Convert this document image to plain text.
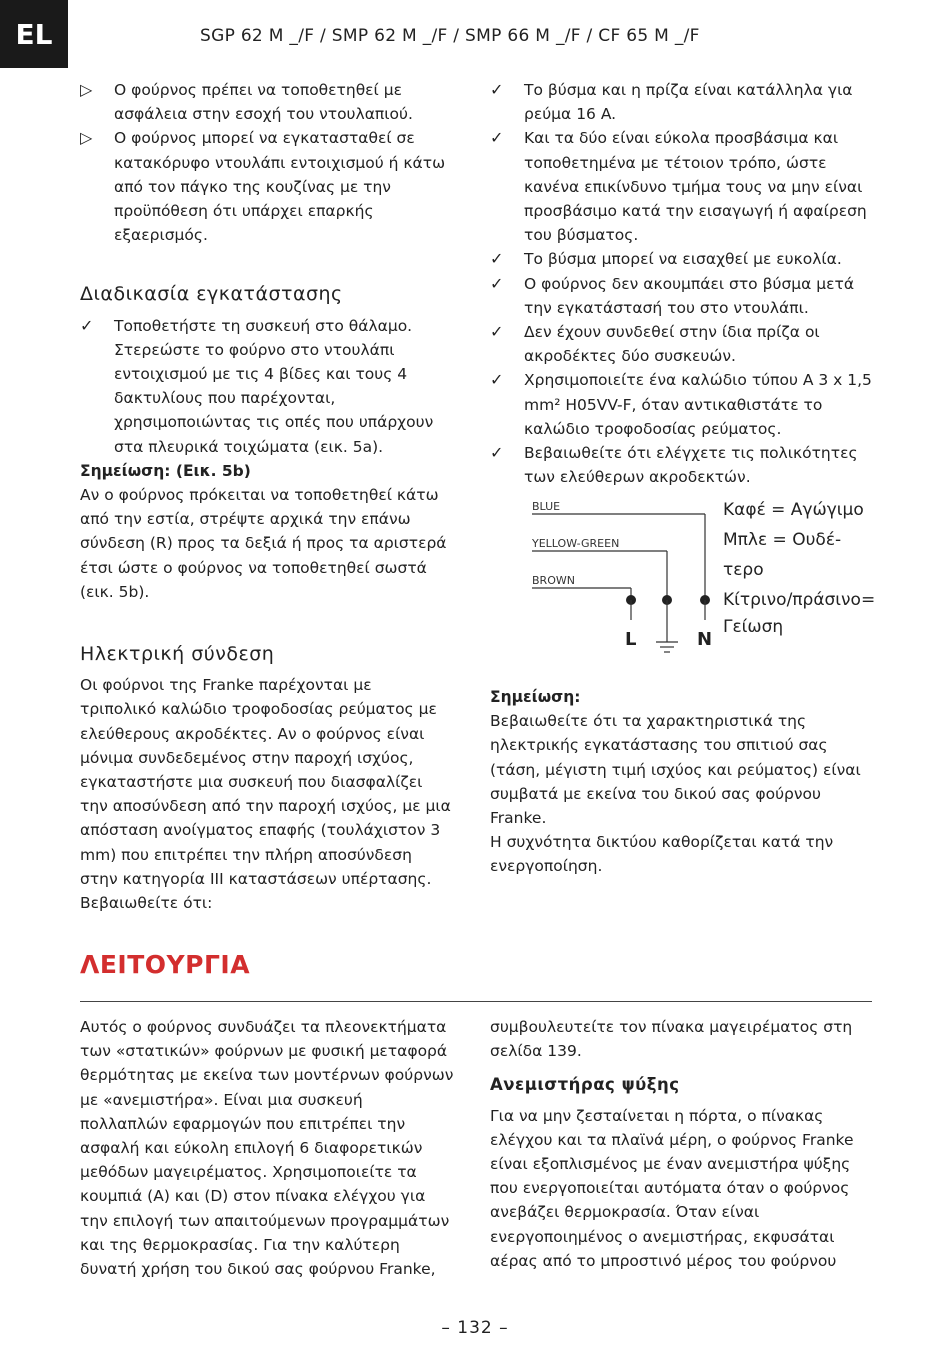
EL	SGP 62 M _/F / SMP 62 M _/F / SMP 66 M _/F / CF 65 M _/F
▷	Ο φούρνος πρέπει να τοποθετηθεί με ασφάλεια στην εσοχή του ντουλαπιού.
▷	Ο φούρνος μπορεί να εγκατασταθεί σε κατακόρυφο ντουλάπι εντοιχισμού ή κάτω από τον πάγκο της κουζίνας με την προϋπόθεση ότι υπάρχει επαρκής εξαερισμός.
Διαδικασία εγκατάστασης
✓	Τοποθετήστε τη συσκευή στο θάλαμο. Στερεώστε το φούρνο στο ντουλάπι εντοιχισμού με τις 4 βίδες και τους 4 δακτυλίους που παρέχονται, χρησιμοποιώντας τις οπές που υπάρχουν στα πλευρικά τοιχώματα (εικ. 5a).
Σημείωση: (Εικ. 5b)

Αν ο φούρνος πρόκειται να τοποθετηθεί κάτω από την εστία, στρέψτε αρχικά την επάνω σύνδεση (R) προς τα δεξιά ή προς τα αριστερά έτσι ώστε ο φούρνος να τοποθετηθεί σωστά (εικ. 5b).

Ηλεκτρική σύνδεση

Οι φούρνοι της Franke παρέχονται με τριπολικό καλώδιο τροφοδοσίας ρεύματος με ελεύθερους ακροδέκτες. Αν ο φούρνος είναι μόνιμα συνδεδεμένος στην παροχή ισχύος, εγκαταστήστε μια συσκευή που διασφαλίζει την αποσύνδεση από την παροχή ισχύος, με μια απόσταση ανοίγματος επαφής (τουλάχιστον 3 mm) που επιτρέπει την πλήρη αποσύνδεση στην κατηγορία III καταστάσεων υπέρτασης. Βεβαιωθείτε ότι:

✓	Το βύσμα και η πρίζα είναι κατάλληλα για ρεύμα 16 A.
✓	Και τα δύο είναι εύκολα προσβάσιμα και τοποθετημένα με τέτοιον τρόπο, ώστε κανένα επικίνδυνο τμήμα τους να μην είναι προσβάσιμο κατά την εισαγωγή ή αφαίρεση του βύσματος.
✓	Το βύσμα μπορεί να εισαχθεί με ευκολία.
✓	Ο φούρνος δεν ακουμπάει στο βύσμα μετά την εγκατάστασή του στο ντουλάπι.
✓	Δεν έχουν συνδεθεί στην ίδια πρίζα οι ακροδέκτες δύο συσκευών.
✓	Χρησιμοποιείτε ένα καλώδιο τύπου A 3 x 1,5 mm² H05VV-F, όταν αντικαθιστάτε το καλώδιο τροφοδοσίας ρεύματος.
✓	Βεβαιωθείτε ότι ελέγχετε τις πολικότητες των ελεύθερων ακροδεκτών.
BLUE
YELLOW-GREEN
BROWN
L	N
Καφέ = Αγώγιμο
Μπλε = Ουδέ-
τερο
Κίτρινο/πράσινο=
Γείωση
Σημείωση:

Βεβαιωθείτε ότι τα χαρακτηριστικά της ηλεκτρικής εγκατάστασης του σπιτιού σας (τάση, μέγιστη τιμή ισχύος και ρεύματος) είναι συμβατά με εκείνα του δικού σας φούρνου Franke.

Η συχνότητα δικτύου καθορίζεται κατά την ενεργοποίηση.

ΛΕΙΤΟΥΡΓΙΑ

Αυτός ο φούρνος συνδυάζει τα πλεονεκτήματα των «στατικών» φούρνων με φυσική μεταφορά θερμότητας με εκείνα των μοντέρνων φούρνων με «ανεμιστήρα». Είναι μια συσκευή πολλαπλών εφαρμογών που επιτρέπει την ασφαλή και εύκολη επιλογή 6 διαφορετικών μεθόδων μαγειρέματος. Χρησιμοποιείτε τα κουμπιά (A) και (D) στον πίνακα ελέγχου για την επιλογή των απαιτούμενων προγραμμάτων και της θερμοκρασίας. Για την καλύτερη δυνατή χρήση του δικού σας φούρνου Franke,

συμβουλευτείτε τον πίνακα μαγειρέματος στη σελίδα 139.

Ανεμιστήρας ψύξης

Για να μην ζεσταίνεται η πόρτα, ο πίνακας ελέγχου και τα πλαϊνά μέρη, ο φούρνος Franke είναι εξοπλισμένος με έναν ανεμιστήρα ψύξης που ενεργοποιείται αυτόματα όταν ο φούρνος ανεβάζει θερμοκρασία. Όταν είναι ενεργοποιημένος ο ανεμιστήρας, εκφυσάται αέρας από το μπροστινό μέρος του φούρνου

– 132 –
